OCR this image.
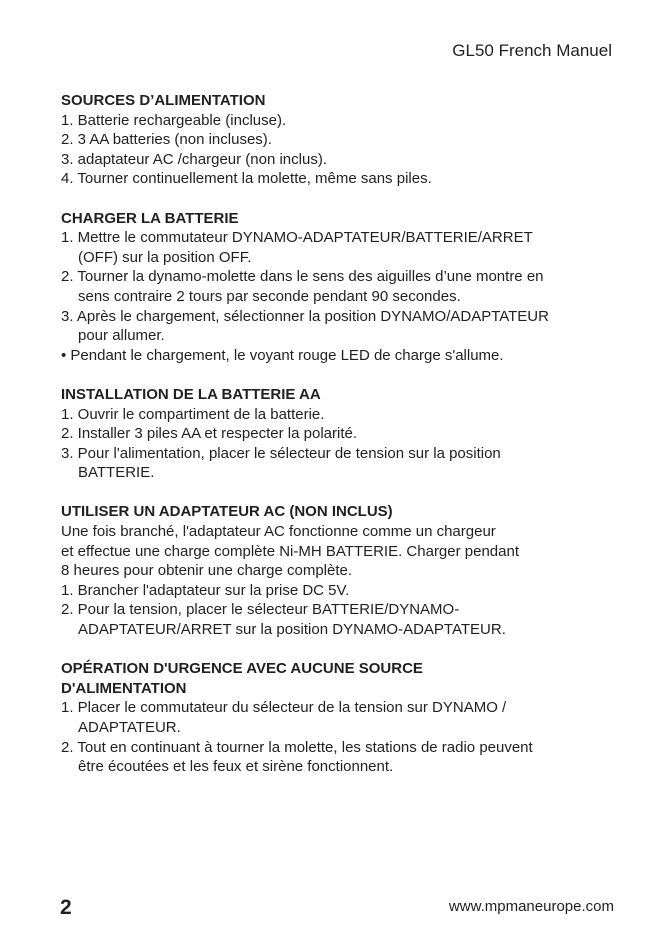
GL50 French Manuel
SOURCES D’ALIMENTATION
1. Batterie rechargeable (incluse).
2. 3 AA batteries (non incluses).
3. adaptateur AC /chargeur (non inclus).
4. Tourner continuellement la molette, même sans piles.
CHARGER LA BATTERIE
1. Mettre le commutateur DYNAMO-ADAPTATEUR/BATTERIE/ARRET
(OFF) sur la position OFF.
2. Tourner la dynamo-molette dans le sens des aiguilles d’une montre en
sens contraire 2 tours par seconde pendant 90 secondes.
3. Après le chargement, sélectionner la position DYNAMO/ADAPTATEUR
pour allumer.
• Pendant le chargement, le voyant rouge LED de charge s'allume.
INSTALLATION DE LA BATTERIE AA
1. Ouvrir le compartiment de la batterie.
2. Installer 3 piles AA et respecter la polarité.
3. Pour l'alimentation, placer le sélecteur de tension sur la position
BATTERIE.
UTILISER UN ADAPTATEUR AC (NON INCLUS)
Une fois branché, l'adaptateur AC fonctionne comme un chargeur
et effectue une charge complète Ni-MH BATTERIE. Charger pendant
8 heures pour obtenir une charge complète.
1. Brancher l'adaptateur sur la prise DC 5V.
2. Pour la tension, placer le sélecteur BATTERIE/DYNAMO-
ADAPTATEUR/ARRET sur la position DYNAMO-ADAPTATEUR.
OPÉRATION D'URGENCE AVEC AUCUNE SOURCE
D'ALIMENTATION
1. Placer le commutateur du sélecteur de la tension sur DYNAMO /
ADAPTATEUR.
2. Tout en continuant à tourner la molette, les stations de radio peuvent
être écoutées et les feux et sirène fonctionnent.
2	www.mpmaneurope.com
